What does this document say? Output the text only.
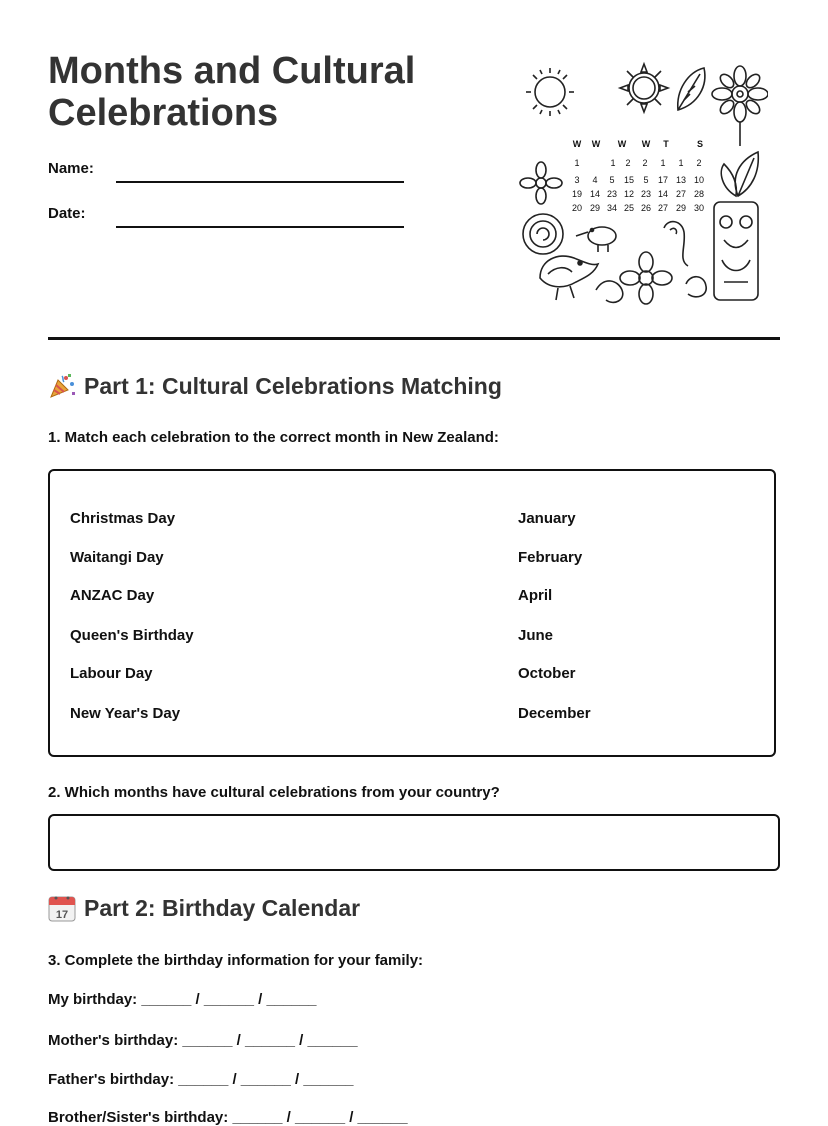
Months and Cultural Celebrations
Name:
Date:
W W W W T	S
1	1 2 2 1 1 2
3 4 5 15 5 17 13 10
19 14 23 12 23 14 27 28
20 29 34 25 26 27 29 30
Part 1: Cultural Celebrations Matching
1. Match each celebration to the correct month in New Zealand:
Christmas Day
Waitangi Day
ANZAC Day
Queen's Birthday
Labour Day
New Year's Day
January
February
April
June
October
December
2. Which months have cultural celebrations from your country?
17 Part 2: Birthday Calendar
3. Complete the birthday information for your family:
My birthday: ______ / ______ / ______
Mother's birthday: ______ / ______ / ______
Father's birthday: ______ / ______ / ______
Brother/Sister's birthday: ______ / ______ / ______
